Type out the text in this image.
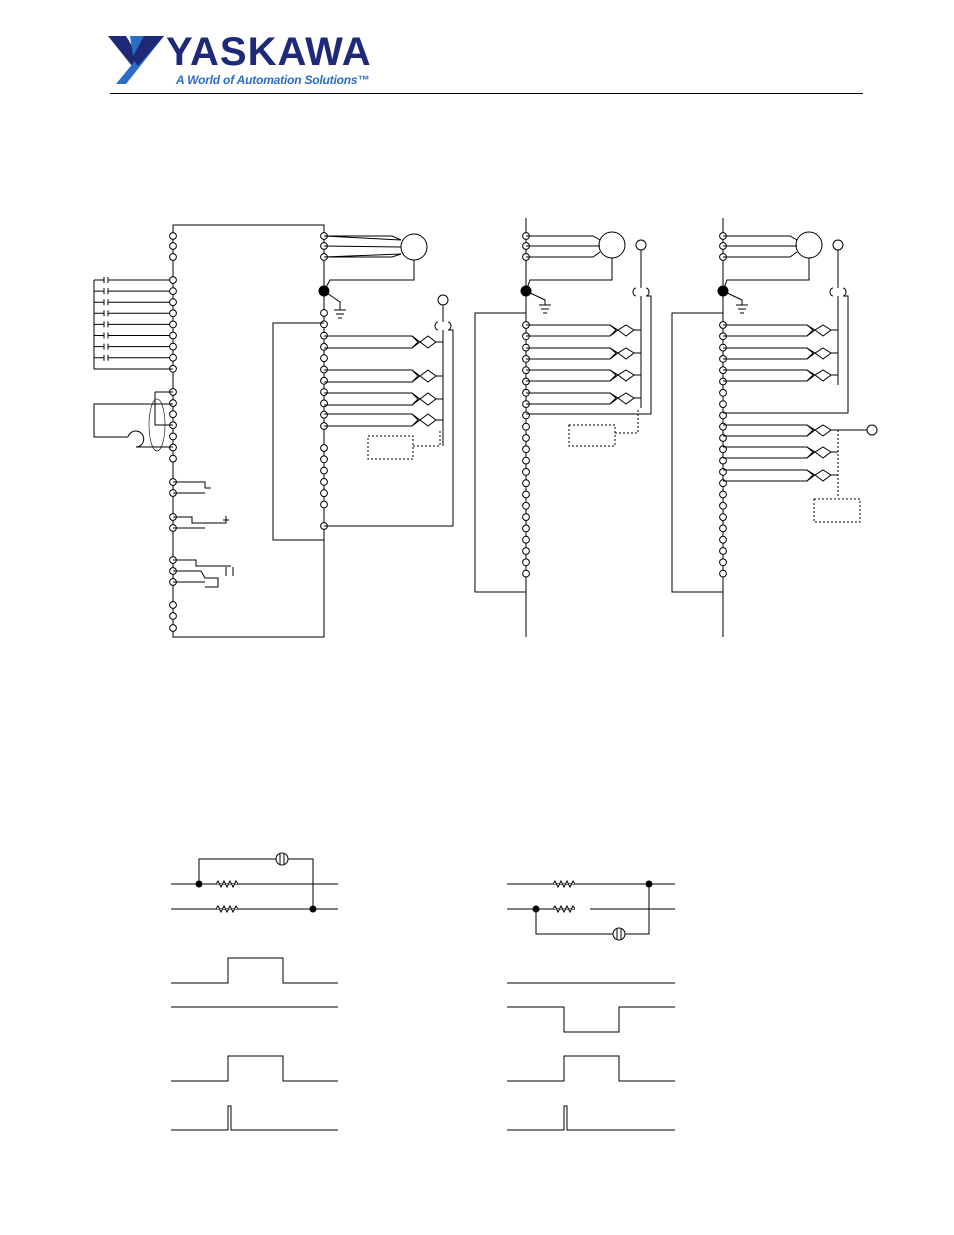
YASKAWA
A World of Automation Solutions™
